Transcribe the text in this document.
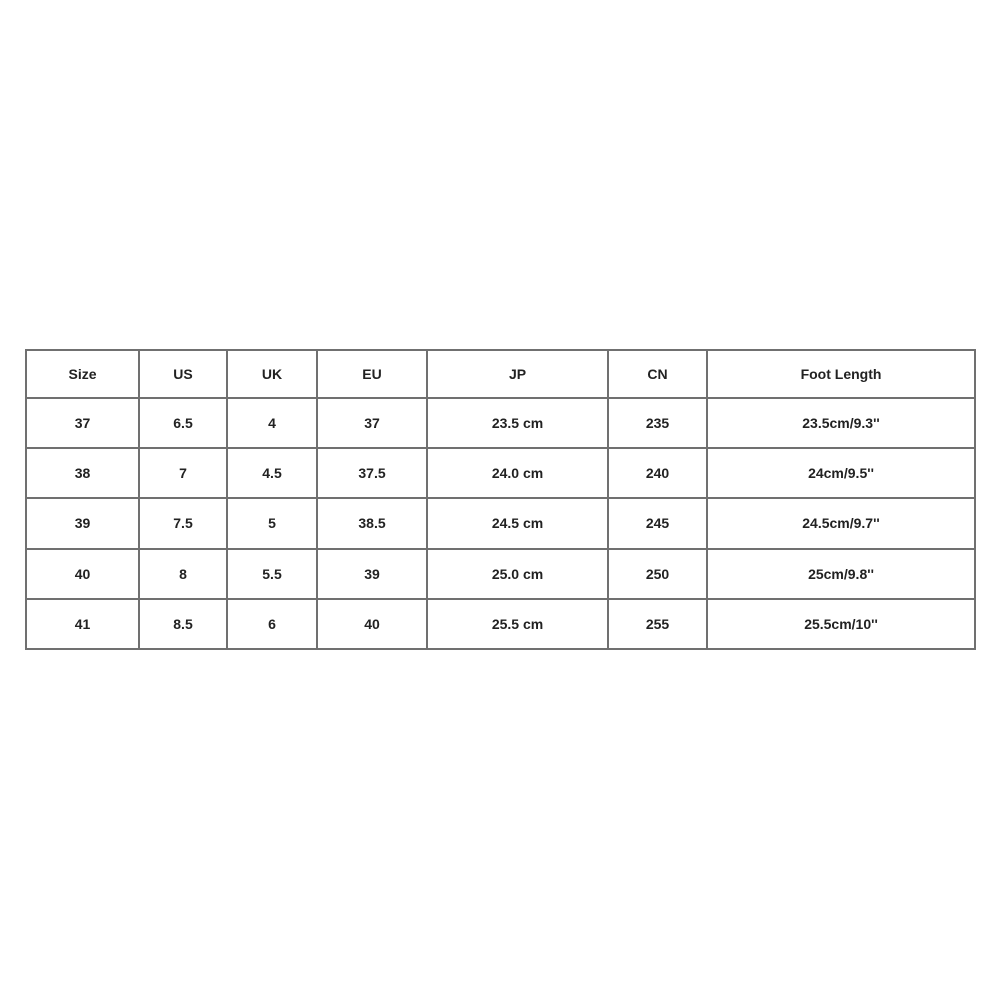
Size	US	UK	EU	JP	CN	Foot Length
37	6.5	4	37	23.5 cm	235	23.5cm/9.3''
38	7	4.5	37.5	24.0 cm	240	24cm/9.5''
39	7.5	5	38.5	24.5 cm	245	24.5cm/9.7''
40	8	5.5	39	25.0 cm	250	25cm/9.8''
41	8.5	6	40	25.5 cm	255	25.5cm/10''
